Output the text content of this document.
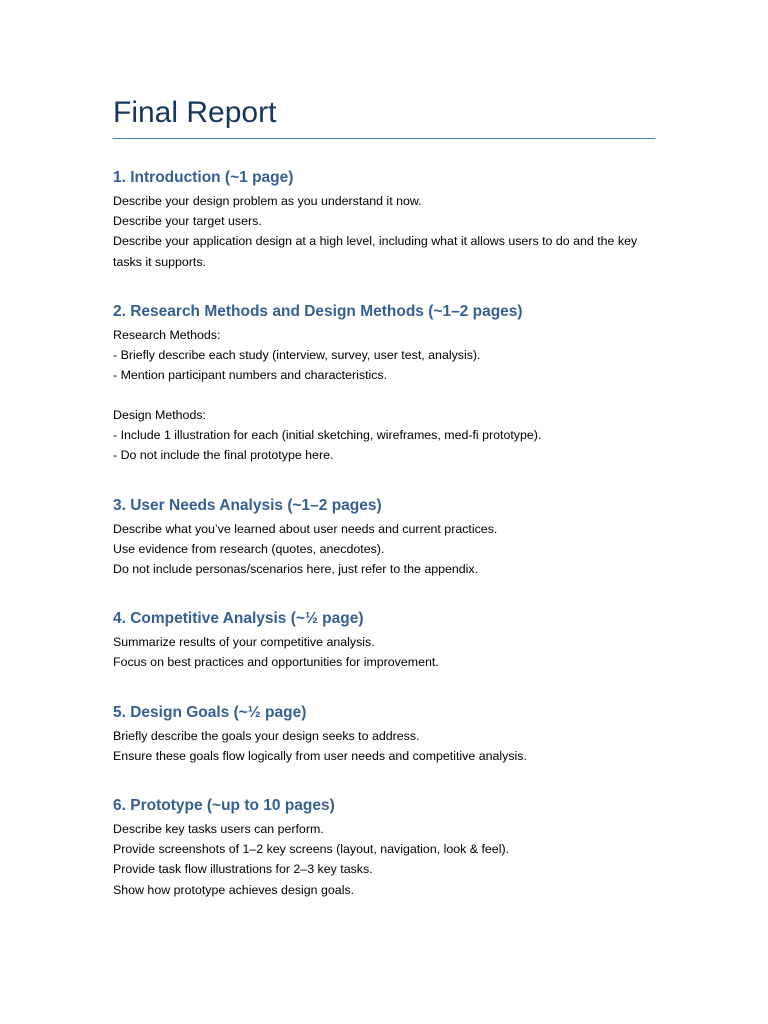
Final Report
1. Introduction (~1 page)

Describe your design problem as you understand it now.

Describe your target users.

Describe your application design at a high level, including what it allows users to do and the key tasks it supports.

2. Research Methods and Design Methods (~1–2 pages)

Research Methods:

- Briefly describe each study (interview, survey, user test, analysis).

- Mention participant numbers and characteristics.

Design Methods:

- Include 1 illustration for each (initial sketching, wireframes, med-fi prototype).

- Do not include the final prototype here.

3. User Needs Analysis (~1–2 pages)

Describe what you’ve learned about user needs and current practices.

Use evidence from research (quotes, anecdotes).

Do not include personas/scenarios here, just refer to the appendix.

4. Competitive Analysis (~½ page)

Summarize results of your competitive analysis.

Focus on best practices and opportunities for improvement.

5. Design Goals (~½ page)

Briefly describe the goals your design seeks to address.

Ensure these goals flow logically from user needs and competitive analysis.

6. Prototype (~up to 10 pages)

Describe key tasks users can perform.

Provide screenshots of 1–2 key screens (layout, navigation, look & feel).

Provide task flow illustrations for 2–3 key tasks.

Show how prototype achieves design goals.
